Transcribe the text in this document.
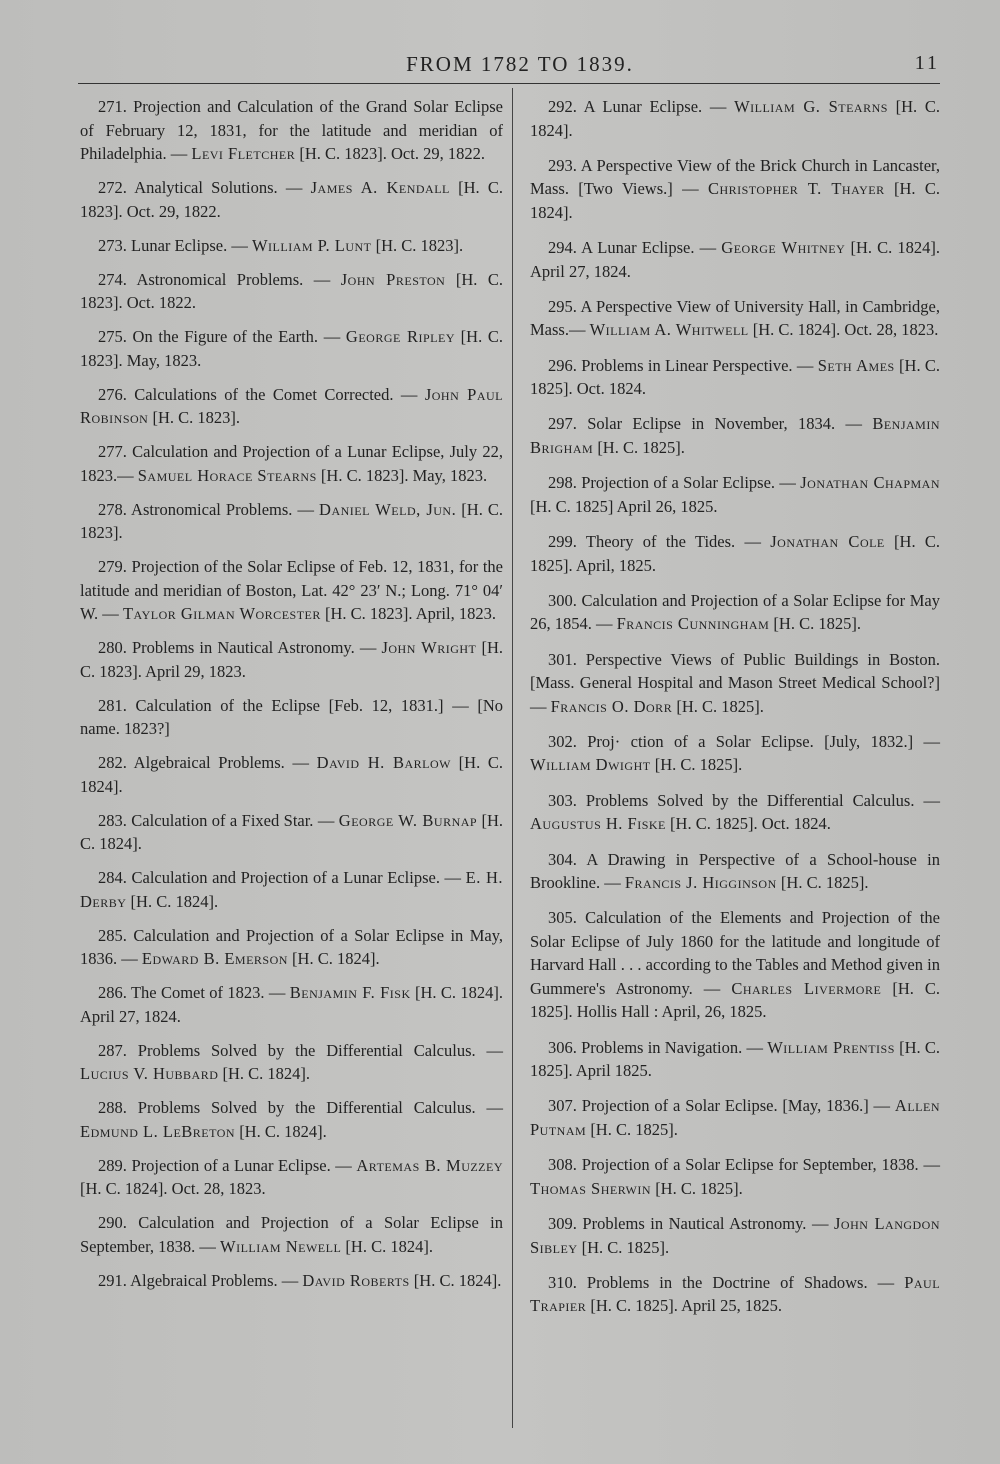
FROM 1782 TO 1839.	11

271. Projection and Calculation of the Grand Solar Eclipse of February 12, 1831, for the latitude and meridian of Philadelphia. — Levi Fletcher [H. C. 1823]. Oct. 29, 1822.

272. Analytical Solutions. — James A. Kendall [H. C. 1823]. Oct. 29, 1822.

273. Lunar Eclipse. — William P. Lunt [H. C. 1823].

274. Astronomical Problems. — John Preston [H. C. 1823]. Oct. 1822.

275. On the Figure of the Earth. — George Ripley [H. C. 1823]. May, 1823.

276. Calculations of the Comet Corrected. — John Paul Robinson [H. C. 1823].

277. Calculation and Projection of a Lunar Eclipse, July 22, 1823.— Samuel Horace Stearns [H. C. 1823]. May, 1823.

278. Astronomical Problems. — Daniel Weld, Jun. [H. C. 1823].

279. Projection of the Solar Eclipse of Feb. 12, 1831, for the latitude and meridian of Boston, Lat. 42° 23′ N.; Long. 71° 04′ W. — Taylor Gilman Worcester [H. C. 1823]. April, 1823.

280. Problems in Nautical Astronomy. — John Wright [H. C. 1823]. April 29, 1823.

281. Calculation of the Eclipse [Feb. 12, 1831.] — [No name. 1823?]

282. Algebraical Problems. — David H. Barlow [H. C. 1824].

283. Calculation of a Fixed Star. — George W. Burnap [H. C. 1824].

284. Calculation and Projection of a Lunar Eclipse. — E. H. Derby [H. C. 1824].

285. Calculation and Projection of a Solar Eclipse in May, 1836. — Edward B. Emerson [H. C. 1824].

286. The Comet of 1823. — Benjamin F. Fisk [H. C. 1824]. April 27, 1824.

287. Problems Solved by the Differential Calculus. — Lucius V. Hubbard [H. C. 1824].

288. Problems Solved by the Differential Calculus. — Edmund L. LeBreton [H. C. 1824].

289. Projection of a Lunar Eclipse. — Artemas B. Muzzey [H. C. 1824]. Oct. 28, 1823.

290. Calculation and Projection of a Solar Eclipse in September, 1838. — William Newell [H. C. 1824].

291. Algebraical Problems. — David Roberts [H. C. 1824].

292. A Lunar Eclipse. — William G. Stearns [H. C. 1824].

293. A Perspective View of the Brick Church in Lancaster, Mass. [Two Views.] — Christopher T. Thayer [H. C. 1824].

294. A Lunar Eclipse. — George Whitney [H. C. 1824]. April 27, 1824.

295. A Perspective View of University Hall, in Cambridge, Mass.— William A. Whitwell [H. C. 1824]. Oct. 28, 1823.

296. Problems in Linear Perspective. — Seth Ames [H. C. 1825]. Oct. 1824.

297. Solar Eclipse in November, 1834. — Benjamin Brigham [H. C. 1825].

298. Projection of a Solar Eclipse. — Jonathan Chapman [H. C. 1825] April 26, 1825.

299. Theory of the Tides. — Jonathan Cole [H. C. 1825]. April, 1825.

300. Calculation and Projection of a Solar Eclipse for May 26, 1854. — Francis Cunningham [H. C. 1825].

301. Perspective Views of Public Buildings in Boston. [Mass. General Hospital and Mason Street Medical School?] — Francis O. Dorr [H. C. 1825].

302. Proj· ction of a Solar Eclipse. [July, 1832.] — William Dwight [H. C. 1825].

303. Problems Solved by the Differential Calculus. — Augustus H. Fiske [H. C. 1825]. Oct. 1824.

304. A Drawing in Perspective of a School-house in Brookline. — Francis J. Higginson [H. C. 1825].

305. Calculation of the Elements and Projection of the Solar Eclipse of July 1860 for the latitude and longitude of Harvard Hall . . . according to the Tables and Method given in Gummere's Astronomy. — Charles Livermore [H. C. 1825]. Hollis Hall : April, 26, 1825.

306. Problems in Navigation. — William Prentiss [H. C. 1825]. April 1825.

307. Projection of a Solar Eclipse. [May, 1836.] — Allen Putnam [H. C. 1825].

308. Projection of a Solar Eclipse for September, 1838. — Thomas Sherwin [H. C. 1825].

309. Problems in Nautical Astronomy. — John Langdon Sibley [H. C. 1825].

310. Problems in the Doctrine of Shadows. — Paul Trapier [H. C. 1825]. April 25, 1825.
